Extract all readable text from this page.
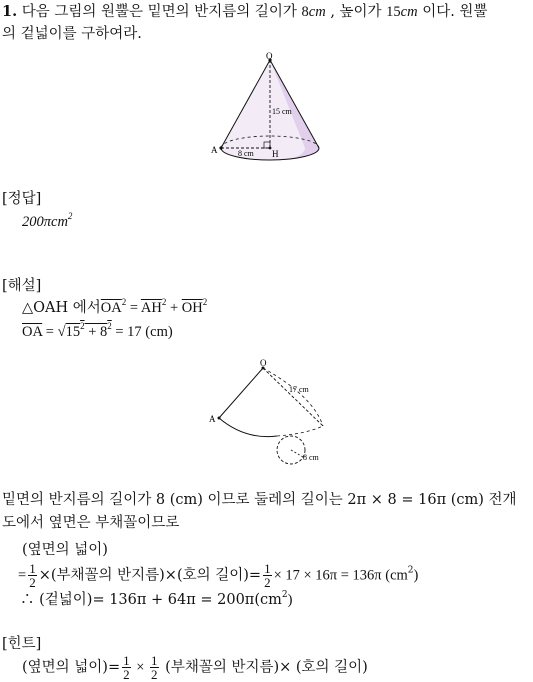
1. 다음 그림의 원뿔은 밑면의 반지름의 길이가 8cm , 높이가 15cm 이다. 원뿔
의 겉넓이를 구하여라.
O
A	H
15 cm
8 cm
[정답]
200πcm$^2$
[해설]
△OAH 에서$\overline{OA}^2 = \overline{AH}^2 + \overline{OH}^2$
$\overline{OA} = √15^2 + 8^2 = 17$ (cm)
O
A
17 cm
8 cm
밑면의 반지름의 길이가 8 (cm) 이므로 둘레의 길이는 2π × 8 = 16π (cm) 전개
도에서 옆면은 부채꼴이므로
(옆면의 넓이)
= $\frac{1}{2}$ ×(부채꼴의 반지름)×(호의 길이)= $\frac{1}{2} \times 17 \times 16\pi = 136\pi$ $(cm^2)$
∴ (겉넓이)= $136\pi + 64\pi = 200\pi(cm^2)$
[힌트]
(옆면의 넓이)= $\frac{1}{2} \times \frac{1}{2}$ (부채꼴의 반지름)× (호의 길이)
